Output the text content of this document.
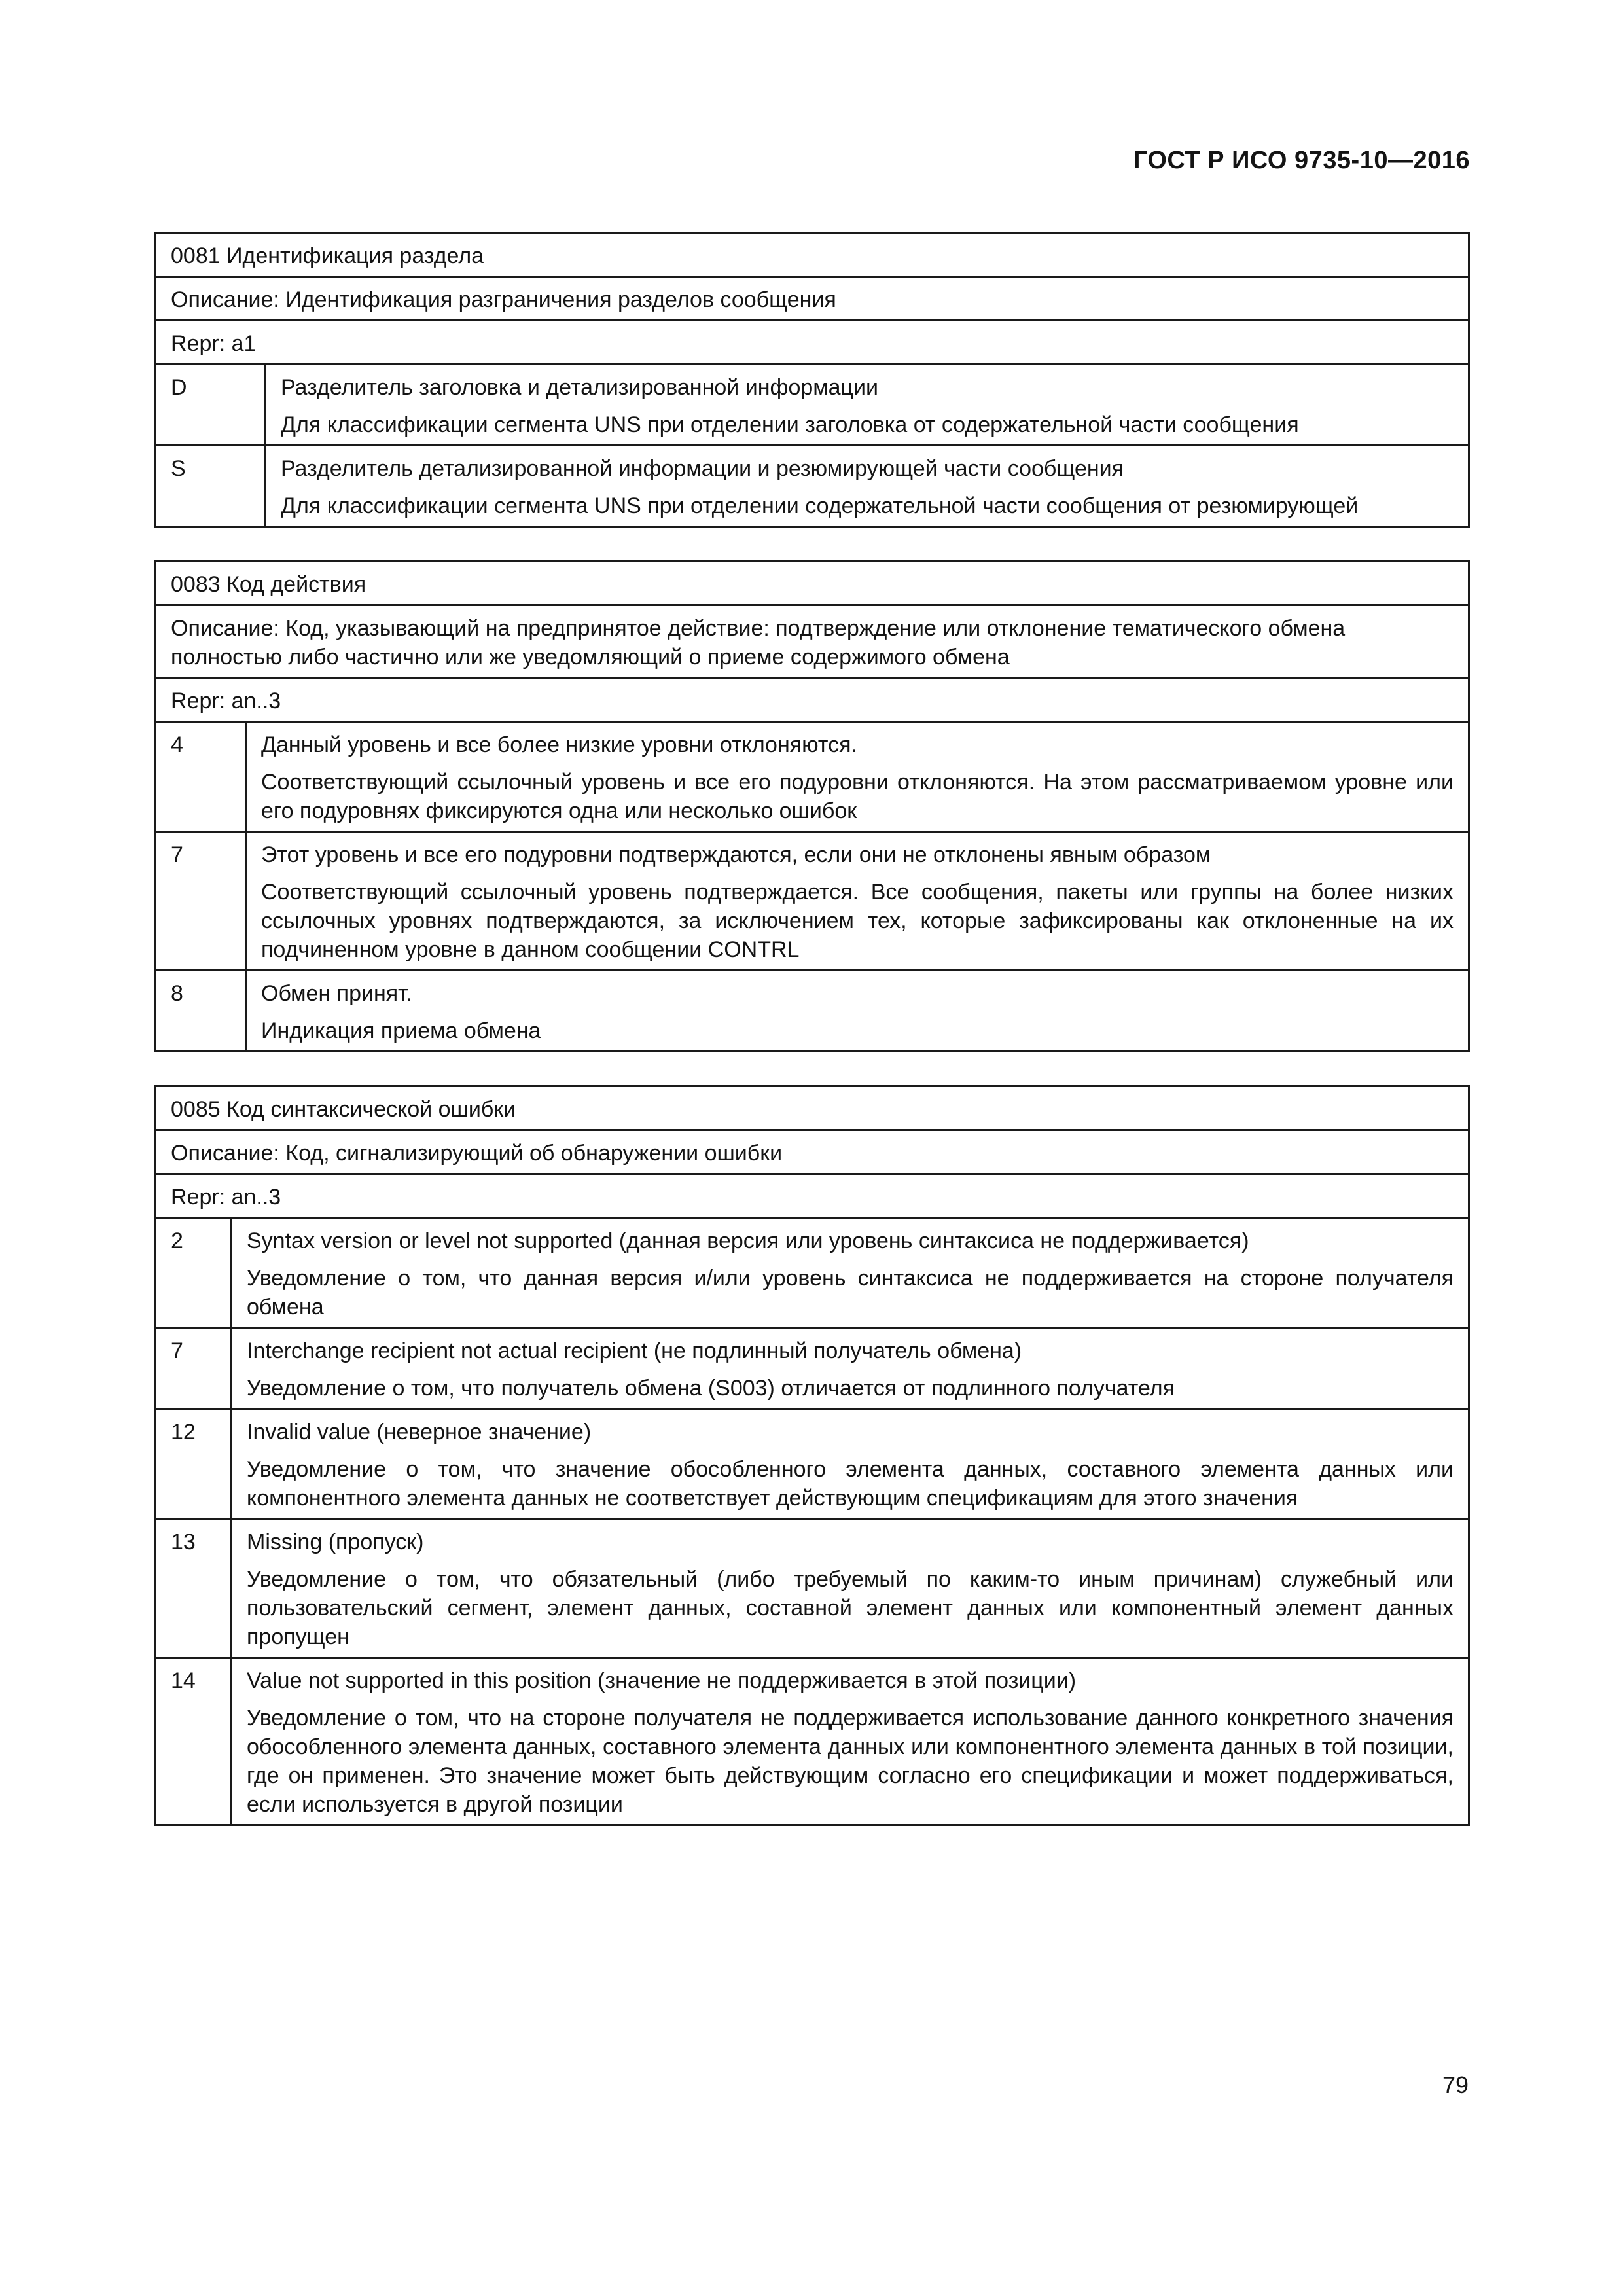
ГОСТ Р ИСО 9735-10—2016
0081 Идентификация раздела	
Описание: Идентификация разграничения разделов сообщения	
Repr: a1	
D	Разделитель заголовка и детализированной информации
Для классификации сегмента UNS при отделении заголовка от содержательной части сообщения

S	Разделитель детализированной информации и резюмирующей части сообщения
Для классификации сегмента UNS при отделении содержательной части сообщения от резюмирующей
0083 Код действия	
Описание: Код, указывающий на предпринятое действие: подтверждение или отклонение тематического обмена полностью либо частично или же уведомляющий о приеме содержимого обмена	
Repr: an..3	
4	Данный уровень и все более низкие уровни отклоняются.
Соответствующий ссылочный уровень и все его подуровни отклоняются. На этом рассматриваемом уровне или его подуровнях фиксируются одна или несколько ошибок

7	Этот уровень и все его подуровни подтверждаются, если они не отклонены явным образом
Соответствующий ссылочный уровень подтверждается. Все сообщения, пакеты или группы на более низких ссылочных уровнях подтверждаются, за исключением тех, которые зафиксированы как отклоненные на их подчиненном уровне в данном сообщении CONTRL

8	Обмен принят.
Индикация приема обмена
0085 Код синтаксической ошибки	
Описание: Код, сигнализирующий об обнаружении ошибки	
Repr: an..3	
2	Syntax version or level not supported (данная версия или уровень синтаксиса не поддерживается)
Уведомление о том, что данная версия и/или уровень синтаксиса не поддерживается на стороне получателя обмена

7	Interchange recipient not actual recipient (не подлинный получатель обмена)
Уведомление о том, что получатель обмена (S003) отличается от подлинного получателя

12	Invalid value (неверное значение)
Уведомление о том, что значение обособленного элемента данных, составного элемента данных или компонентного элемента данных не соответствует действующим спецификациям для этого значения

13	Missing (пропуск)
Уведомление о том, что обязательный (либо требуемый по каким-то иным причинам) служебный или пользовательский сегмент, элемент данных, составной элемент данных или компонентный элемент данных пропущен

14	Value not supported in this position (значение не поддерживается в этой позиции)
Уведомление о том, что на стороне получателя не поддерживается использование данного конкретного значения обособленного элемента данных, составного элемента данных или компонентного элемента данных в той позиции, где он применен. Это значение может быть действующим согласно его спецификации и может поддерживаться, если используется в другой позиции
79
